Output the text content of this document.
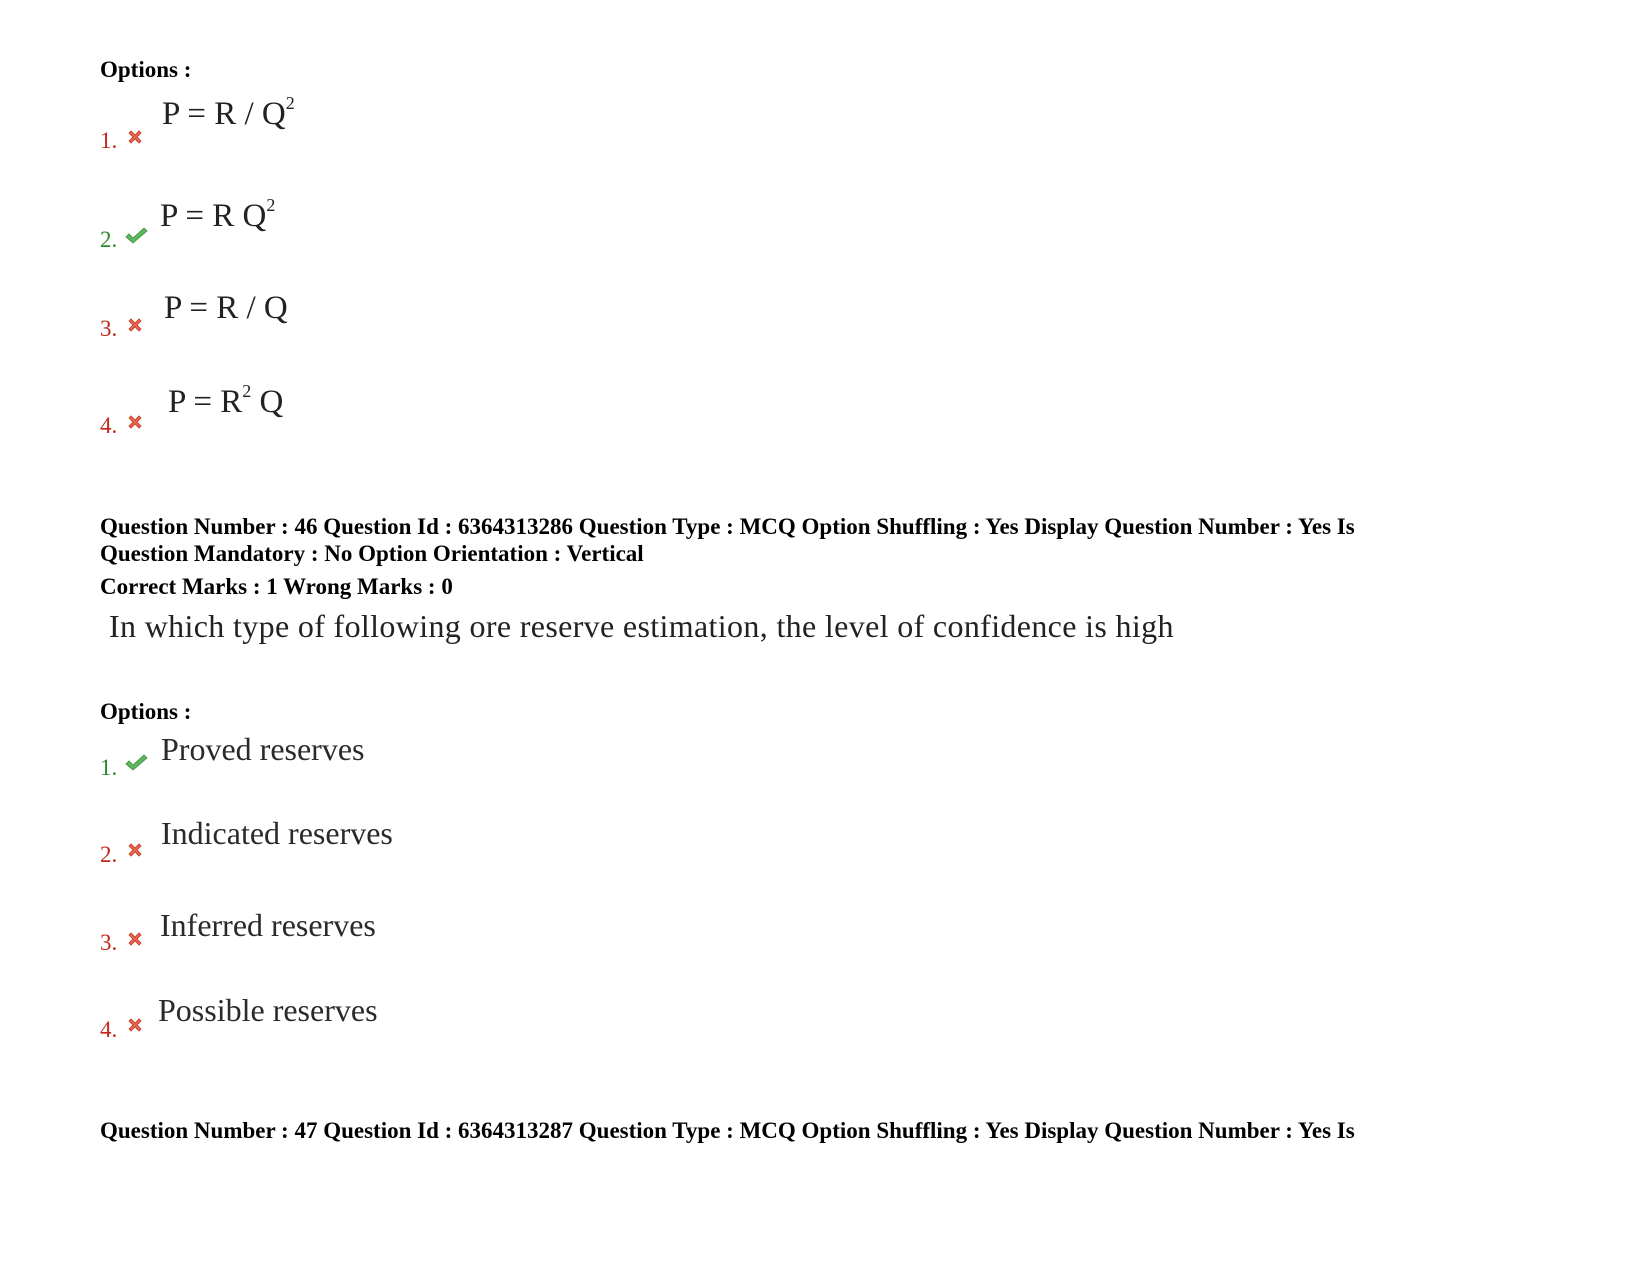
Options :
1.
$P = R / Q^2$
2.
P = R $Q^2$
3.
P = R / Q
4.
$P = R^2$ Q
Question Number : 46 Question Id : 6364313286 Question Type : MCQ Option Shuffling : Yes Display Question Number : Yes Is
Question Mandatory : No Option Orientation : Vertical
Correct Marks : 1 Wrong Marks : 0
In which type of following ore reserve estimation, the level of confidence is high
Options :
1.
Proved reserves
2.
Indicated reserves
3. Inferred reserves
4.
Possible reserves
Question Number : 47 Question Id : 6364313287 Question Type : MCQ Option Shuffling : Yes Display Question Number : Yes Is
